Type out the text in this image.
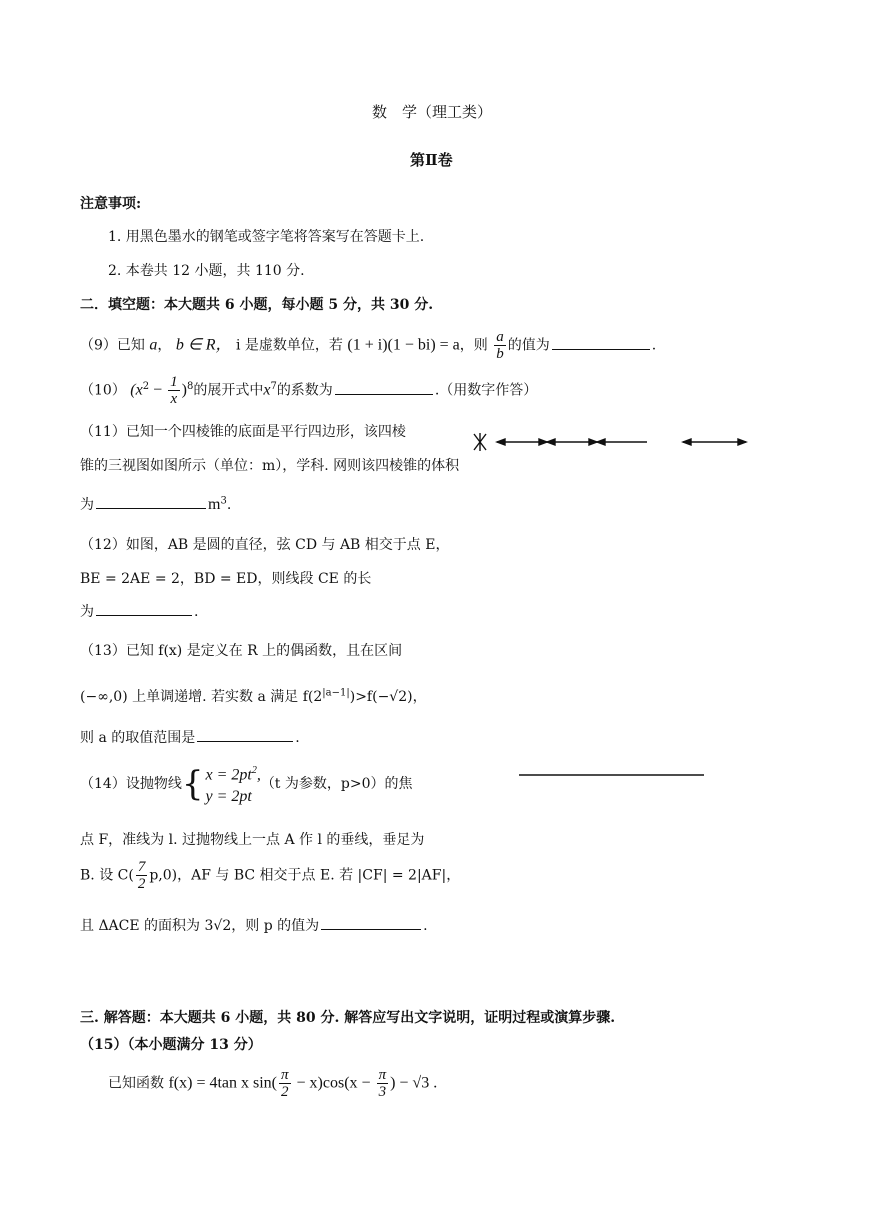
数　学（理工类）
第Ⅱ卷
注意事项:
1. 用黑色墨水的钢笔或签字笔将答案写在答题卡上.
2. 本卷共 12 小题，共 110 分.
二．填空题：本大题共 6 小题，每小题 5 分，共 30 分.
（9）已知 a， b ∈ R， i 是虚数单位，若 (1 + i)(1 − bi) = a，则 $\frac{a}{b}$ 的值为	.
（10） $(x^2 - \frac{1}{x} )^8$的展开式中$x^7$的系数为	.（用数字作答）
（11）已知一个四棱锥的底面是平行四边形，该四棱
锥的三视图如图所示（单位：m），学科. 网则该四棱锥的体积
为	$m^3$.
（12）如图，AB 是圆的直径，弦 CD 与 AB 相交于点 E，
BE = 2AE = 2，BD = ED，则线段 CE 的长
为	.
（13）已知 f(x) 是定义在 R 上的偶函数，且在区间
(−∞,0) 上单调递增. 若实数 a 满足 $f(2^{|a-1|})>f(-√2)$，
则 a 的取值范围是	.
（14）设抛物线{ $x = 2pt^2$,
y = 2pt（t 为参数，p>0）的焦
点 F，准线为 l. 过抛物线上一点 A 作 l 的垂线，垂足为
B. 设 $C( \frac{7}{2} p,0)$，AF 与 BC 相交于点 E. 若 |CF| = 2|AF|，
且 ΔACE 的面积为 3√2，则 p 的值为	.
三. 解答题：本大题共 6 小题，共 80 分. 解答应写出文字说明，证明过程或演算步骤.
（15）（本小题满分 13 分）
已知函数 f(x) = 4tan x $\sin( \frac{\pi}{2} - x)\cos(x - \frac{\pi}{3}$ ) − √3 .
